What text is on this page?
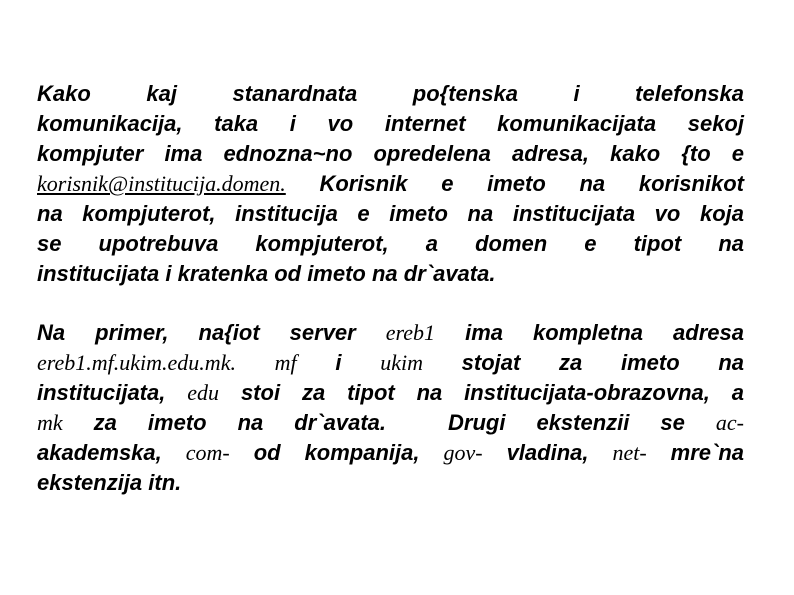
Kako kaj stanardnata po{tenska i telefonska
komunikacija, taka i vo internet komunikacijata sekoj
kompjuter ima ednozna~no opredelena adresa, kako {to e
korisnik@institucija.domen. Korisnik e imeto na korisnikot
na kompjuterot, institucija e imeto na institucijata vo koja
se upotrebuva kompjuterot, a domen e tipot na
institucijata i kratenka od imeto na dr`avata.
Na primer, na{iot server ereb1 ima kompletna adresa
ereb1.mf.ukim.edu.mk. mf i ukim stojat za imeto na
institucijata, edu stoi za tipot na institucijata-obrazovna, a
mk za imeto na dr`avata.  Drugi ekstenzii se ac-
akademska, com- od kompanija, gov- vladina, net- mre`na
ekstenzija itn.
